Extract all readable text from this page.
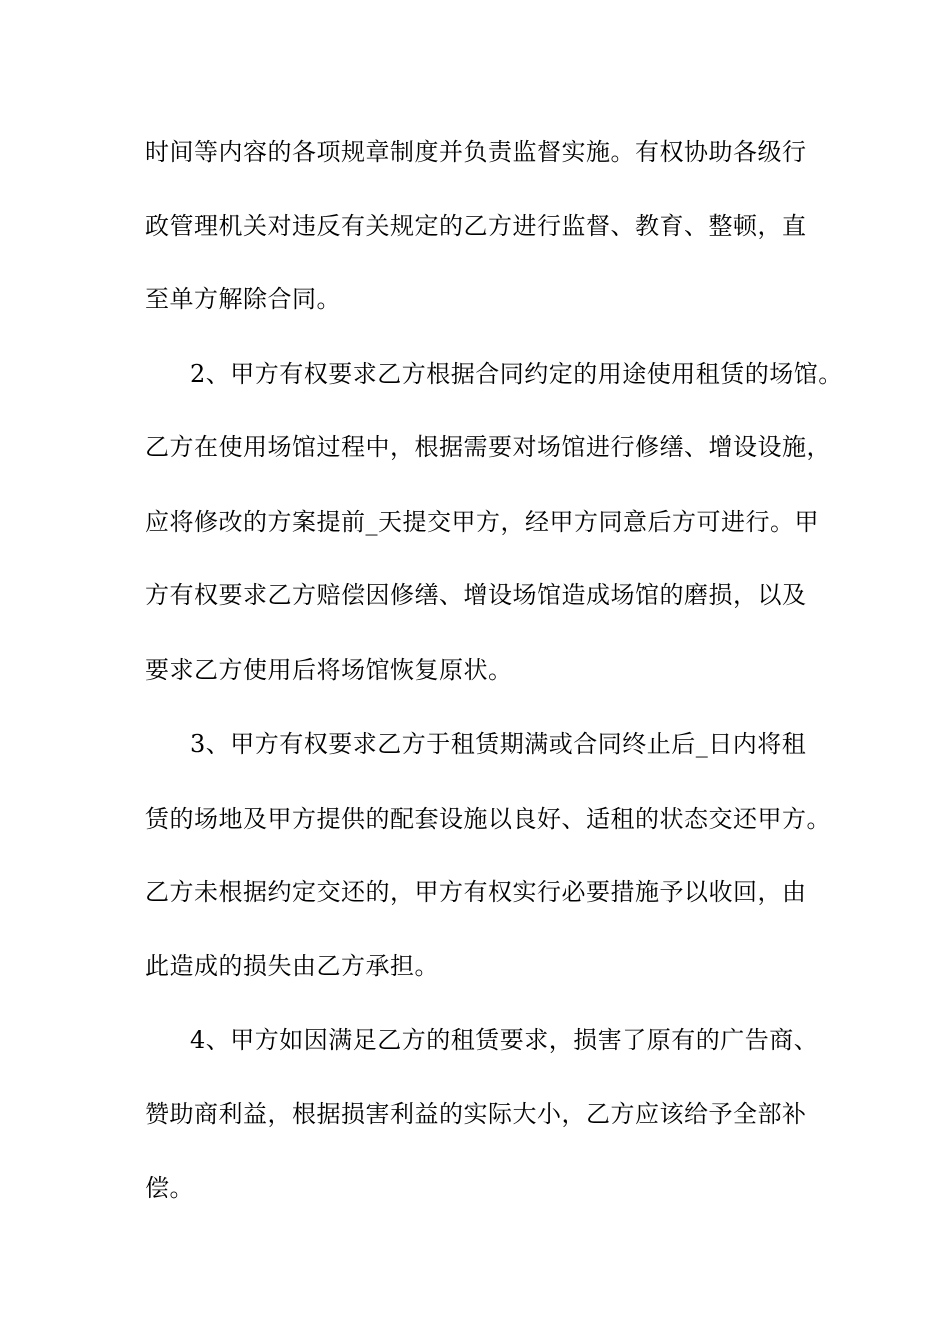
时间等内容的各项规章制度并负责监督实施。有权协助各级行
政管理机关对违反有关规定的乙方进行监督、教育、整顿，直
至单方解除合同。
2、甲方有权要求乙方根据合同约定的用途使用租赁的场馆。
乙方在使用场馆过程中，根据需要对场馆进行修缮、增设设施，
应将修改的方案提前_天提交甲方，经甲方同意后方可进行。甲
方有权要求乙方赔偿因修缮、增设场馆造成场馆的磨损，以及
要求乙方使用后将场馆恢复原状。
3、甲方有权要求乙方于租赁期满或合同终止后_日内将租
赁的场地及甲方提供的配套设施以良好、适租的状态交还甲方。
乙方未根据约定交还的，甲方有权实行必要措施予以收回，由
此造成的损失由乙方承担。
4、甲方如因满足乙方的租赁要求，损害了原有的广告商、
赞助商利益，根据损害利益的实际大小，乙方应该给予全部补
偿。
